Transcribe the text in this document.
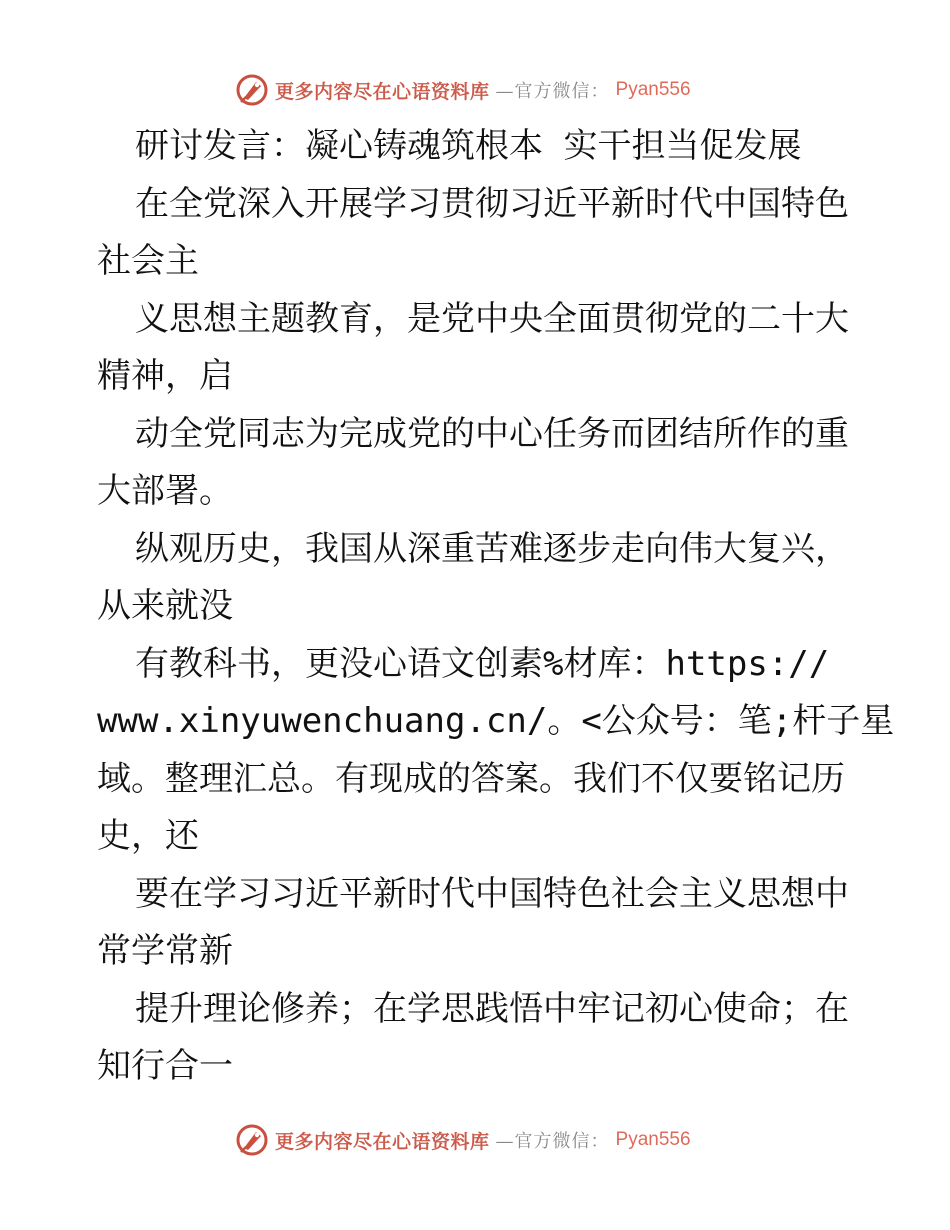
更多内容尽在心语资料库 —官方微信： Pyan556
研讨发言：凝心铸魂筑根本 实干担当促发展
在全党深入开展学习贯彻习近平新时代中国特色
社会主
义思想主题教育，是党中央全面贯彻党的二十大
精神，启
动全党同志为完成党的中心任务而团结所作的重
大部署。
纵观历史，我国从深重苦难逐步走向伟大复兴，
从来就没
有教科书，更没心语文创素%材库：https://
www.xinyuwenchuang.cn/。<公众号：笔;杆子星
域。整理汇总。有现成的答案。我们不仅要铭记历
史，还
要在学习习近平新时代中国特色社会主义思想中
常学常新
提升理论修养；在学思践悟中牢记初心使命；在
知行合一
更多内容尽在心语资料库 —官方微信： Pyan556
